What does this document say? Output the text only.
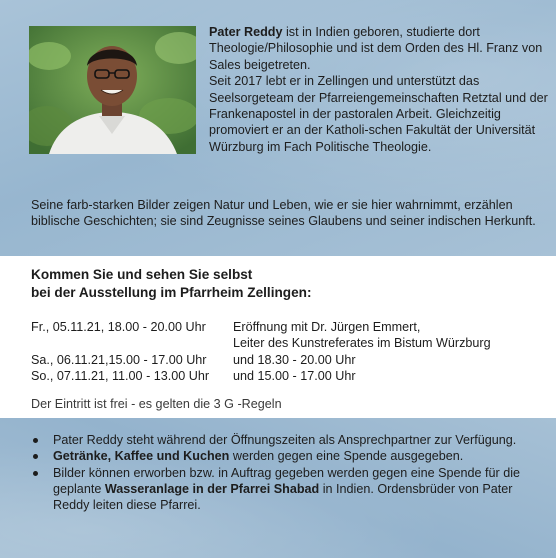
Pater Reddy ist in Indien geboren, studierte dort Theologie/Philosophie und ist dem Orden des Hl. Franz von Sales beigetreten.
Seit 2017 lebt er in Zellingen und unterstützt das Seelsorgeteam der Pfarreiengemeinschaften Retztal und der Frankenapostel in der pastoralen Arbeit. Gleichzeitig promoviert er an der Katholi-schen Fakultät der Universität Würzburg im Fach Politische Theologie.

Seine farb-starken Bilder zeigen Natur und Leben, wie er sie hier wahrnimmt, erzählen biblische Geschichten; sie sind Zeugnisse seines Glaubens und seiner indischen Herkunft.

Kommen Sie und sehen Sie selbst
bei der Ausstellung im Pfarrheim Zellingen:
Fr., 05.11.21, 18.00 - 20.00 Uhr Eröffnung mit Dr. Jürgen Emmert,
Leiter des Kunstreferates im Bistum Würzburg
Sa., 06.11.21,15.00 - 17.00 Uhr und 18.30 - 20.00 Uhr
So., 07.11.21, 11.00 - 13.00 Uhr und 15.00 - 17.00 Uhr
Der Eintritt ist frei - es gelten die 3 G -Regeln
Pater Reddy steht während der Öffnungszeiten als Ansprechpartner zur Verfügung.
Getränke, Kaffee und Kuchen werden gegen eine Spende ausgegeben.
Bilder können erworben bzw. in Auftrag gegeben werden gegen eine Spende für die geplante Wasseranlage in der Pfarrei Shabad in Indien. Ordensbrüder von Pater Reddy leiten diese Pfarrei.
